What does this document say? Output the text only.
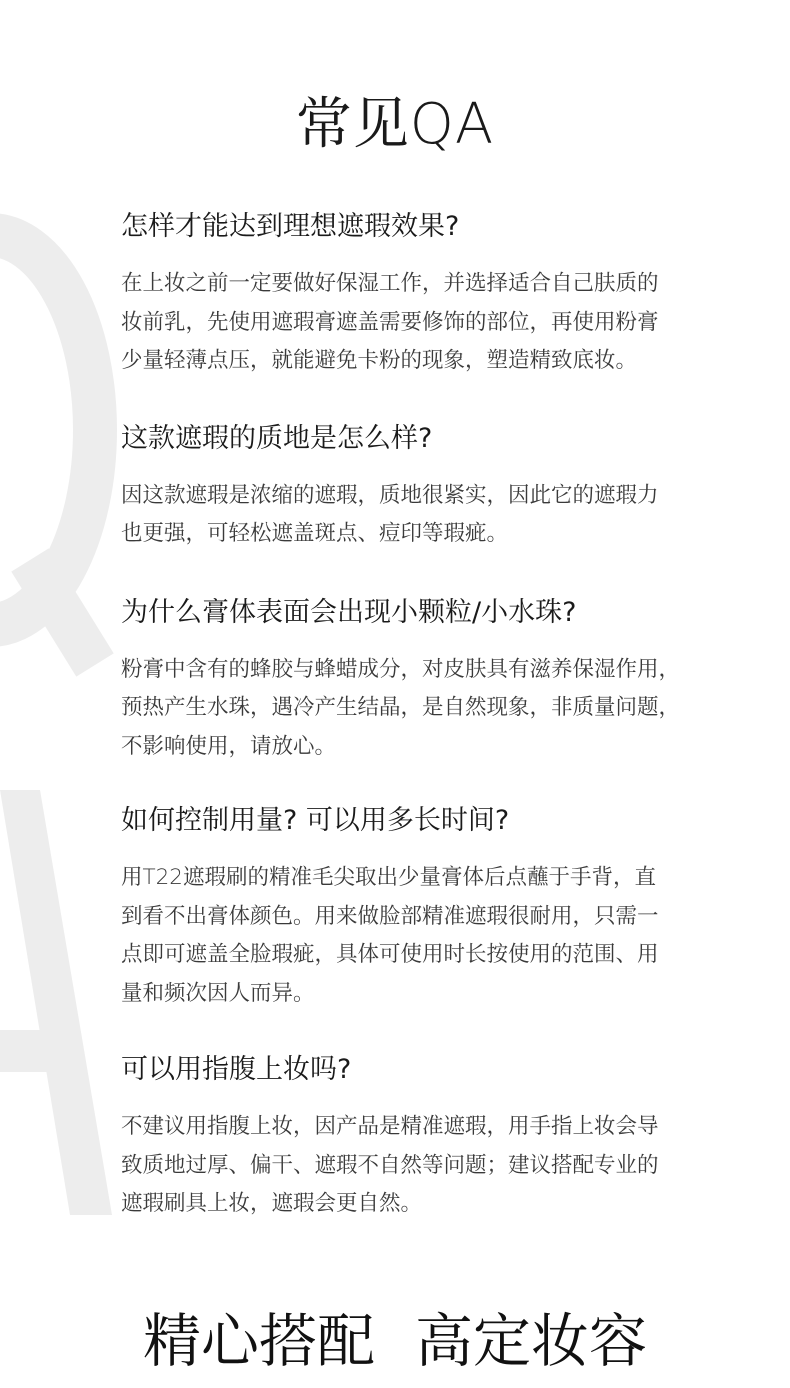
常见QA
怎样才能达到理想遮瑕效果?
在上妆之前一定要做好保湿工作，并选择适合自己肤质的
妆前乳，先使用遮瑕膏遮盖需要修饰的部位，再使用粉膏
少量轻薄点压，就能避免卡粉的现象，塑造精致底妆。
这款遮瑕的质地是怎么样?
因这款遮瑕是浓缩的遮瑕，质地很紧实，因此它的遮瑕力
也更强，可轻松遮盖斑点、痘印等瑕疵。
为什么膏体表面会出现小颗粒/小水珠?
粉膏中含有的蜂胶与蜂蜡成分，对皮肤具有滋养保湿作用，
预热产生水珠，遇冷产生结晶，是自然现象，非质量问题，
不影响使用，请放心。
如何控制用量? 可以用多长时间?
用T22遮瑕刷的精准毛尖取出少量膏体后点蘸于手背，直
到看不出膏体颜色。用来做脸部精准遮瑕很耐用，只需一
点即可遮盖全脸瑕疵，具体可使用时长按使用的范围、用
量和频次因人而异。
可以用指腹上妆吗?
不建议用指腹上妆，因产品是精准遮瑕，用手指上妆会导
致质地过厚、偏干、遮瑕不自然等问题；建议搭配专业的
遮瑕刷具上妆，遮瑕会更自然。
精心搭配 高定妆容
